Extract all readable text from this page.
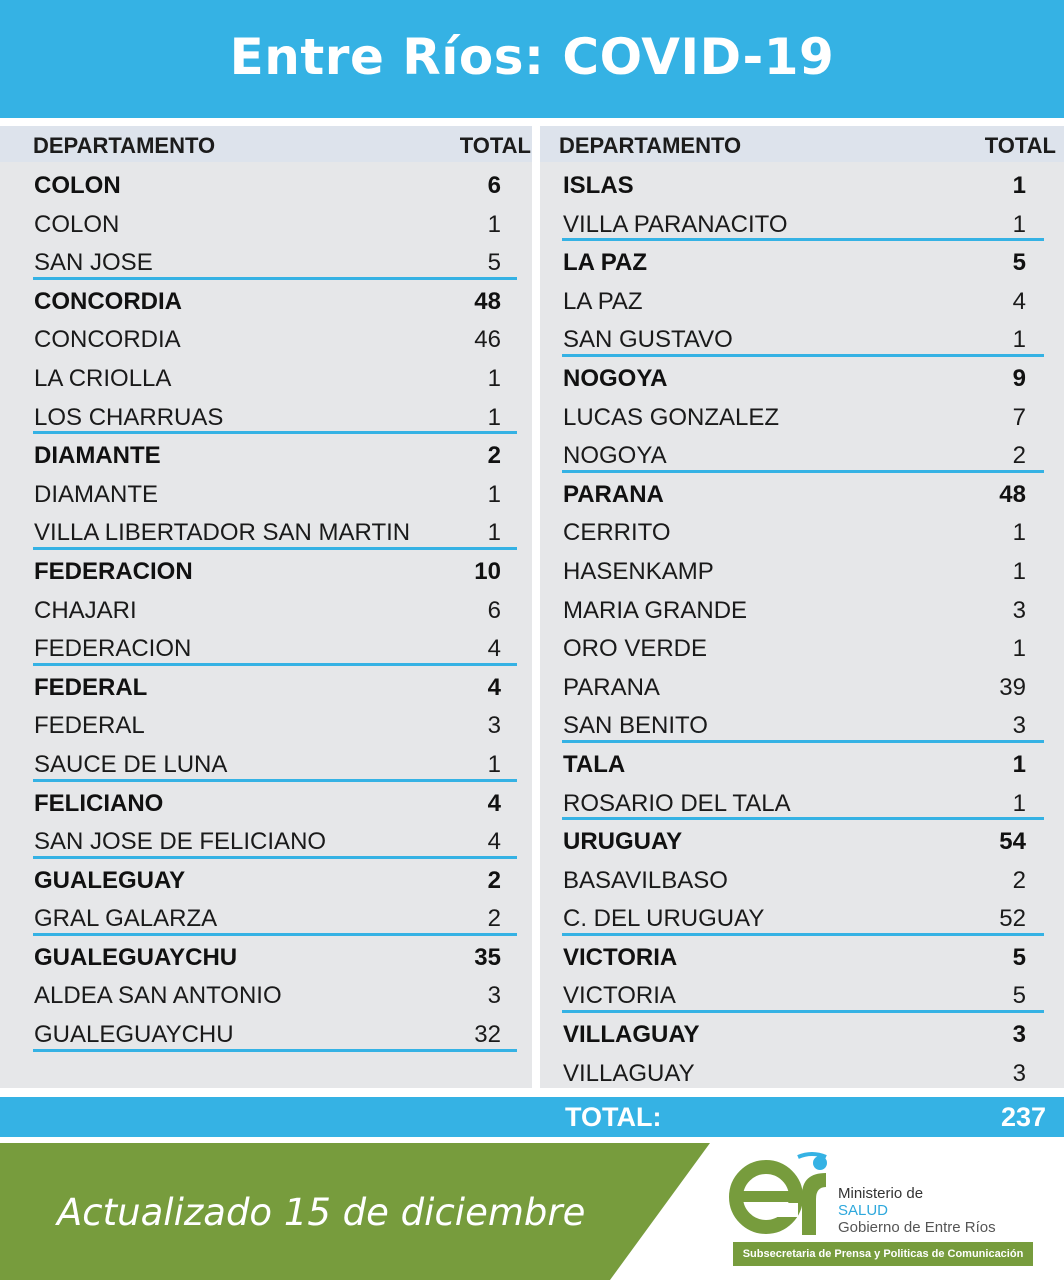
Entre Ríos: COVID-19
DEPARTAMENTO	TOTAL
COLON	6
COLON	1
SAN JOSE	5
CONCORDIA	48
CONCORDIA	46
LA CRIOLLA	1
LOS CHARRUAS	1
DIAMANTE	2
DIAMANTE	1
VILLA LIBERTADOR SAN MARTIN	1
FEDERACION	10
CHAJARI	6
FEDERACION	4
FEDERAL	4
FEDERAL	3
SAUCE DE LUNA	1
FELICIANO	4
SAN JOSE DE FELICIANO	4
GUALEGUAY	2
GRAL GALARZA	2
GUALEGUAYCHU	35
ALDEA SAN ANTONIO	3
GUALEGUAYCHU	32
DEPARTAMENTO	TOTAL
ISLAS	1
VILLA PARANACITO	1
LA PAZ	5
LA PAZ	4
SAN GUSTAVO	1
NOGOYA	9
LUCAS GONZALEZ	7
NOGOYA	2
PARANA	48
CERRITO	1
HASENKAMP	1
MARIA GRANDE	3
ORO VERDE	1
PARANA	39
SAN BENITO	3
TALA	1
ROSARIO DEL TALA	1
URUGUAY	54
BASAVILBASO	2
C. DEL URUGUAY	52
VICTORIA	5
VICTORIA	5
VILLAGUAY	3
VILLAGUAY	3
TOTAL:	237
Actualizado 15 de diciembre	Ministerio de
SALUD
Gobierno de Entre Ríos
Subsecretaria de Prensa y Politicas de Comunicación
